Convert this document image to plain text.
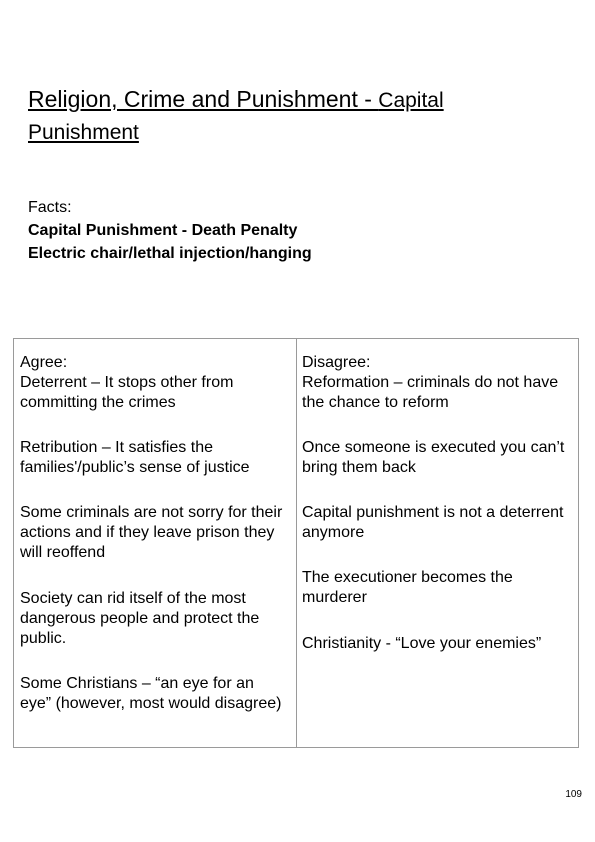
Religion, Crime and Punishment - Capital
Punishment
Facts:
Capital Punishment - Death Penalty
Electric chair/lethal injection/hanging
Agree:
Deterrent – It stops other from committing the crimes
Retribution – It satisfies the families'/public’s sense of justice
Some criminals are not sorry for their actions and if they leave prison they will reoffend
Society can rid itself of the most dangerous people and protect the public.
Some Christians – “an eye for an eye” (however, most would disagree)
Disagree:
Reformation – criminals do not have the chance to reform
Once someone is executed you can’t bring them back
Capital punishment is not a deterrent anymore
The executioner becomes the murderer
Christianity - “Love your enemies”
109
